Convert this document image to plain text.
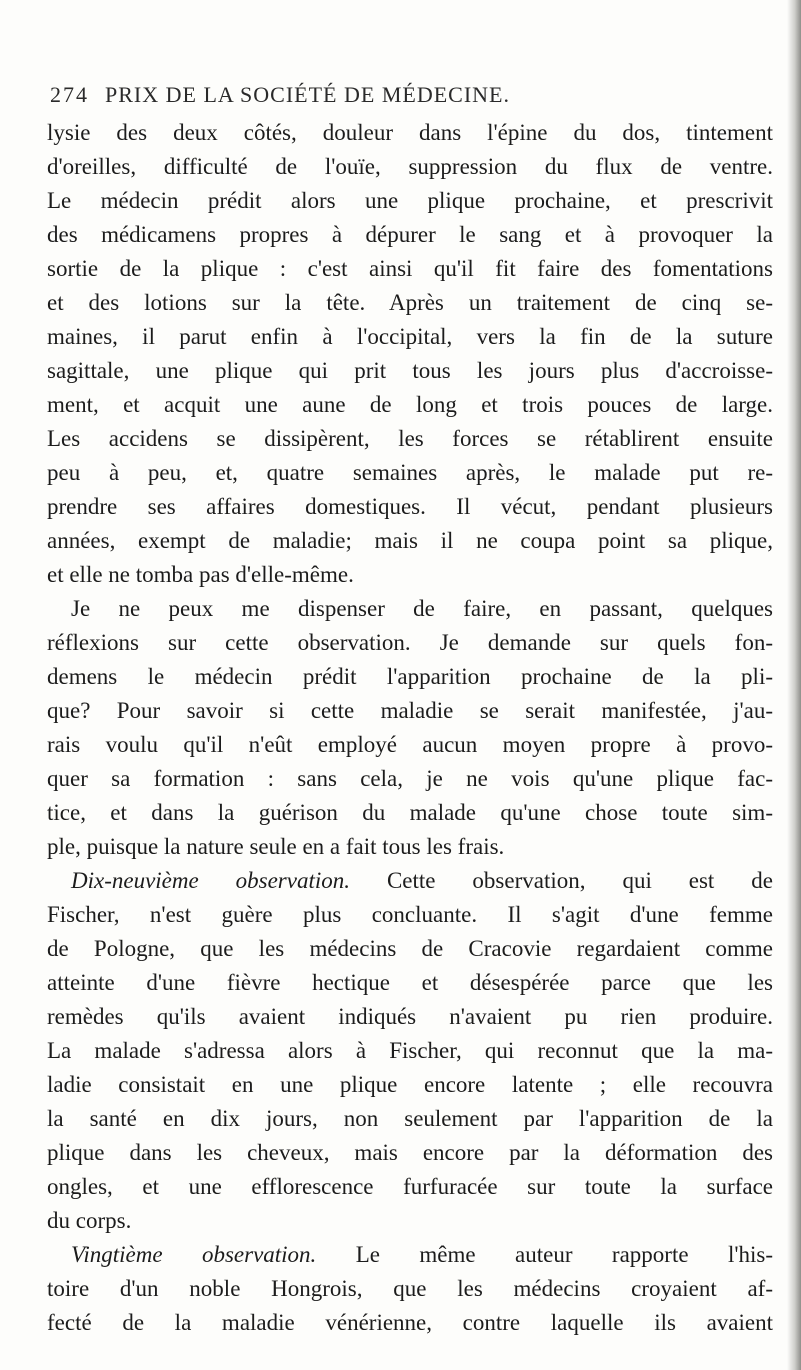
274 PRIX DE LA SOCIÉTÉ DE MÉDECINE.
lysie des deux côtés, douleur dans l'épine du dos, tintement
d'oreilles, difficulté de l'ouïe, suppression du flux de ventre.
Le médecin prédit alors une plique prochaine, et prescrivit
des médicamens propres à dépurer le sang et à provoquer la
sortie de la plique : c'est ainsi qu'il fit faire des fomentations
et des lotions sur la tête. Après un traitement de cinq se-
maines, il parut enfin à l'occipital, vers la fin de la suture
sagittale, une plique qui prit tous les jours plus d'accroisse-
ment, et acquit une aune de long et trois pouces de large.
Les accidens se dissipèrent, les forces se rétablirent ensuite
peu à peu, et, quatre semaines après, le malade put re-
prendre ses affaires domestiques. Il vécut, pendant plusieurs
années, exempt de maladie; mais il ne coupa point sa plique,
et elle ne tomba pas d'elle-même.
Je ne peux me dispenser de faire, en passant, quelques
réflexions sur cette observation. Je demande sur quels fon-
demens le médecin prédit l'apparition prochaine de la pli-
que? Pour savoir si cette maladie se serait manifestée, j'au-
rais voulu qu'il n'eût employé aucun moyen propre à provo-
quer sa formation : sans cela, je ne vois qu'une plique fac-
tice, et dans la guérison du malade qu'une chose toute sim-
ple, puisque la nature seule en a fait tous les frais.
Dix-neuvième observation. Cette observation, qui est de
Fischer, n'est guère plus concluante. Il s'agit d'une femme
de Pologne, que les médecins de Cracovie regardaient comme
atteinte d'une fièvre hectique et désespérée parce que les
remèdes qu'ils avaient indiqués n'avaient pu rien produire.
La malade s'adressa alors à Fischer, qui reconnut que la ma-
ladie consistait en une plique encore latente ; elle recouvra
la santé en dix jours, non seulement par l'apparition de la
plique dans les cheveux, mais encore par la déformation des
ongles, et une efflorescence furfuracée sur toute la surface
du corps.
Vingtième observation. Le même auteur rapporte l'his-
toire d'un noble Hongrois, que les médecins croyaient af-
fecté de la maladie vénérienne, contre laquelle ils avaient
